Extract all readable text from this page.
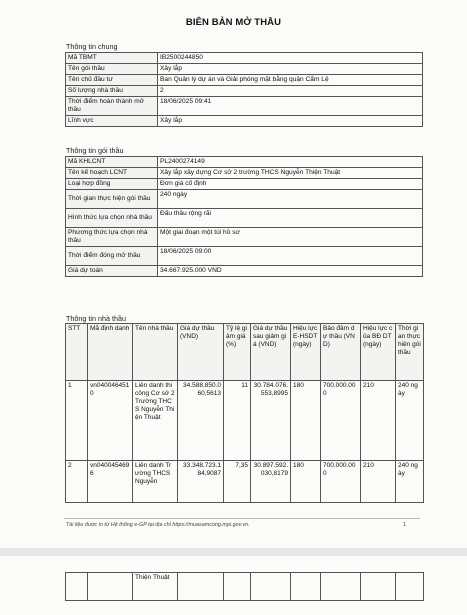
BIÊN BẢN MỞ THẦU
Thông tin chung
Mã TBMT	IB2500244850
Tên gói thầu	Xây lắp
Tên chủ đầu tư	Ban Quản lý dự án và Giải phóng mặt bằng quận Cẩm Lệ
Số lượng nhà thầu	2
Thời điểm hoàn thành mở thầu	18/06/2025 09:41
Lĩnh vực	Xây lắp
Thông tin gói thầu
Mã KHLCNT	PL2400274149
Tên kế hoạch LCNT	Xây lắp xây dựng Cơ sở 2 trường THCS Nguyễn Thiện Thuật
Loại hợp đồng	Đơn giá cố định
Thời gian thực hiện gói thầu	240 ngày
Hình thức lựa chọn nhà thầu	Đấu thầu rộng rãi
Phương thức lựa chọn nhà thầu	Một giai đoạn một túi hồ sơ
Thời điểm đóng mở thầu	18/06/2025 09:00
Giá dự toán	34.667.925.000 VND
Thông tin nhà thầu
STT	Mã định danh	Tên nhà thầu	Giá dự thầu (VND)	Tỷ lệ giảm giá (%)	Giá dự thầu sau giảm giá (VND)	Hiệu lực E-HSDT (ngày)	Bảo đảm dự thầu (VND)	Hiệu lực của BĐ DT (ngày)	Thời gian thực hiện gói thầu
1	vn0400464510	Liên danh thi công Cơ sở 2 Trường THCS Nguyễn Thiện Thuật	34.588.850.060,5613	11	30.784.076.553,8995	180	700.000.000	210	240 ngày
2	vn0400454696	Liên danh Trường THCS Nguyễn	33.348.723.184,9087	7,35	30.897.592.030,8179	180	700.000.000	210	240 ngày
Tài liệu được in từ Hệ thống e-GP tại địa chỉ https://muasamcong.mpi.gov.vn.	1
		Thiện Thuật							
